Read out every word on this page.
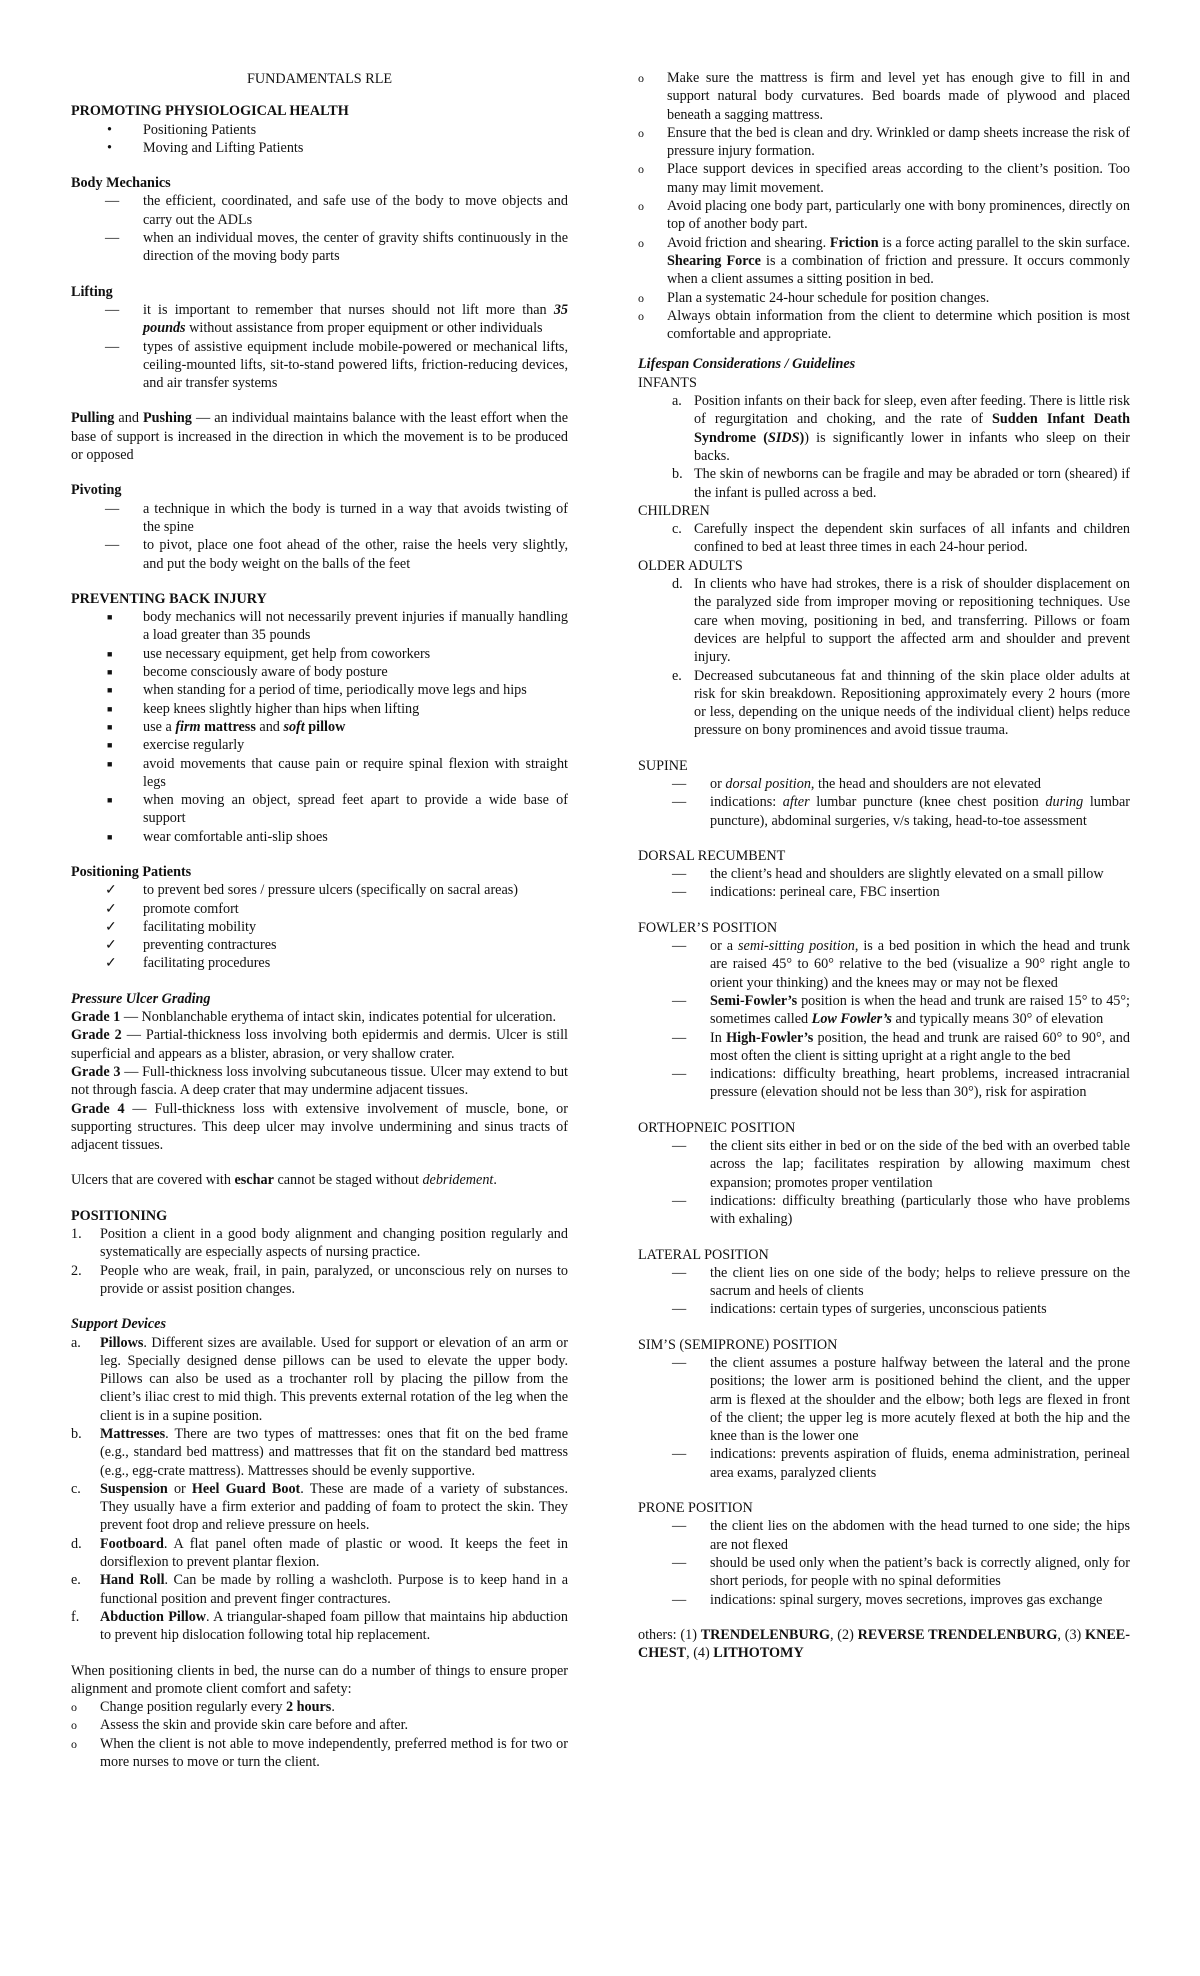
FUNDAMENTALS RLE
PROMOTING PHYSIOLOGICAL HEALTH
•	Positioning Patients
•	Moving and Lifting Patients
Body Mechanics
—	the efficient, coordinated, and safe use of the body to move objects and carry out the ADLs
—	when an individual moves, the center of gravity shifts continuously in the direction of the moving body parts
Lifting
—	it is important to remember that nurses should not lift more than 35 pounds without assistance from proper equipment or other individuals
—	types of assistive equipment include mobile-powered or mechanical lifts, ceiling-mounted lifts, sit-to-stand powered lifts, friction-reducing devices, and air transfer systems

Pulling and Pushing — an individual maintains balance with the least effort when the base of support is increased in the direction in which the movement is to be produced or opposed

Pivoting
—	a technique in which the body is turned in a way that avoids twisting of the spine
—	to pivot, place one foot ahead of the other, raise the heels very slightly, and put the body weight on the balls of the feet
PREVENTING BACK INJURY
■	body mechanics will not necessarily prevent injuries if manually handling a load greater than 35 pounds
■	use necessary equipment, get help from coworkers
■	become consciously aware of body posture
■	when standing for a period of time, periodically move legs and hips
■	keep knees slightly higher than hips when lifting
■	use a firm mattress and soft pillow
■	exercise regularly
■	avoid movements that cause pain or require spinal flexion with straight legs
■	when moving an object, spread feet apart to provide a wide base of support
■	wear comfortable anti-slip shoes
Positioning Patients
✓	to prevent bed sores / pressure ulcers (specifically on sacral areas)
✓	promote comfort
✓	facilitating mobility
✓	preventing contractures
✓	facilitating procedures
Pressure Ulcer Grading

Grade 1 — Nonblanchable erythema of intact skin, indicates potential for ulceration.

Grade 2 — Partial-thickness loss involving both epidermis and dermis. Ulcer is still superficial and appears as a blister, abrasion, or very shallow crater.

Grade 3 — Full-thickness loss involving subcutaneous tissue. Ulcer may extend to but not through fascia. A deep crater that may undermine adjacent tissues.

Grade 4 — Full-thickness loss with extensive involvement of muscle, bone, or supporting structures. This deep ulcer may involve undermining and sinus tracts of adjacent tissues.

Ulcers that are covered with eschar cannot be staged without debridement.

POSITIONING
1.	Position a client in a good body alignment and changing position regularly and systematically are especially aspects of nursing practice.
2.	People who are weak, frail, in pain, paralyzed, or unconscious rely on nurses to provide or assist position changes.
Support Devices
a.	Pillows. Different sizes are available. Used for support or elevation of an arm or leg. Specially designed dense pillows can be used to elevate the upper body. Pillows can also be used as a trochanter roll by placing the pillow from the client’s iliac crest to mid thigh. This prevents external rotation of the leg when the client is in a supine position.
b.	Mattresses. There are two types of mattresses: ones that fit on the bed frame (e.g., standard bed mattress) and mattresses that fit on the standard bed mattress (e.g., egg-crate mattress). Mattresses should be evenly supportive.
c.	Suspension or Heel Guard Boot. These are made of a variety of substances. They usually have a firm exterior and padding of foam to protect the skin. They prevent foot drop and relieve pressure on heels.
d.	Footboard. A flat panel often made of plastic or wood. It keeps the feet in dorsiflexion to prevent plantar flexion.
e.	Hand Roll. Can be made by rolling a washcloth. Purpose is to keep hand in a functional position and prevent finger contractures.
f.	Abduction Pillow. A triangular-shaped foam pillow that maintains hip abduction to prevent hip dislocation following total hip replacement.

When positioning clients in bed, the nurse can do a number of things to ensure proper alignment and promote client comfort and safety:

o	Change position regularly every 2 hours.
o	Assess the skin and provide skin care before and after.
o	When the client is not able to move independently, preferred method is for two or more nurses to move or turn the client.
o	Make sure the mattress is firm and level yet has enough give to fill in and support natural body curvatures. Bed boards made of plywood and placed beneath a sagging mattress.
o	Ensure that the bed is clean and dry. Wrinkled or damp sheets increase the risk of pressure injury formation.
o	Place support devices in specified areas according to the client’s position. Too many may limit movement.
o	Avoid placing one body part, particularly one with bony prominences, directly on top of another body part.
o	Avoid friction and shearing. Friction is a force acting parallel to the skin surface. Shearing Force is a combination of friction and pressure. It occurs commonly when a client assumes a sitting position in bed.
o	Plan a systematic 24-hour schedule for position changes.
o	Always obtain information from the client to determine which position is most comfortable and appropriate.
Lifespan Considerations / Guidelines
INFANTS
a. Position infants on their back for sleep, even after feeding. There is little risk of regurgitation and choking, and the rate of Sudden Infant Death Syndrome (SIDS)) is significantly lower in infants who sleep on their backs.
b. The skin of newborns can be fragile and may be abraded or torn (sheared) if the infant is pulled across a bed.
CHILDREN
c. Carefully inspect the dependent skin surfaces of all infants and children confined to bed at least three times in each 24-hour period.
OLDER ADULTS
d. In clients who have had strokes, there is a risk of shoulder displacement on the paralyzed side from improper moving or repositioning techniques. Use care when moving, positioning in bed, and transferring. Pillows or foam devices are helpful to support the affected arm and shoulder and prevent injury.
e. Decreased subcutaneous fat and thinning of the skin place older adults at risk for skin breakdown. Repositioning approximately every 2 hours (more or less, depending on the unique needs of the individual client) helps reduce pressure on bony prominences and avoid tissue trauma.
SUPINE
—	or dorsal position, the head and shoulders are not elevated
—	indications: after lumbar puncture (knee chest position during lumbar puncture), abdominal surgeries, v/s taking, head-to-toe assessment
DORSAL RECUMBENT
—	the client’s head and shoulders are slightly elevated on a small pillow
—	indications: perineal care, FBC insertion
FOWLER’S POSITION
—	or a semi-sitting position, is a bed position in which the head and trunk are raised 45° to 60° relative to the bed (visualize a 90° right angle to orient your thinking) and the knees may or may not be flexed
—	Semi-Fowler’s position is when the head and trunk are raised 15° to 45°; sometimes called Low Fowler’s and typically means 30° of elevation
—	In High-Fowler’s position, the head and trunk are raised 60° to 90°, and most often the client is sitting upright at a right angle to the bed
—	indications: difficulty breathing, heart problems, increased intracranial pressure (elevation should not be less than 30°), risk for aspiration
ORTHOPNEIC POSITION
—	the client sits either in bed or on the side of the bed with an overbed table across the lap; facilitates respiration by allowing maximum chest expansion; promotes proper ventilation
—	indications: difficulty breathing (particularly those who have problems with exhaling)
LATERAL POSITION
—	the client lies on one side of the body; helps to relieve pressure on the sacrum and heels of clients
—	indications: certain types of surgeries, unconscious patients
SIM’S (SEMIPRONE) POSITION
—	the client assumes a posture halfway between the lateral and the prone positions; the lower arm is positioned behind the client, and the upper arm is flexed at the shoulder and the elbow; both legs are flexed in front of the client; the upper leg is more acutely flexed at both the hip and the knee than is the lower one
—	indications: prevents aspiration of fluids, enema administration, perineal area exams, paralyzed clients
PRONE POSITION
—	the client lies on the abdomen with the head turned to one side; the hips are not flexed
—	should be used only when the patient’s back is correctly aligned, only for short periods, for people with no spinal deformities
—	indications: spinal surgery, moves secretions, improves gas exchange

others: (1) TRENDELENBURG, (2) REVERSE TRENDELENBURG, (3) KNEE-CHEST, (4) LITHOTOMY
